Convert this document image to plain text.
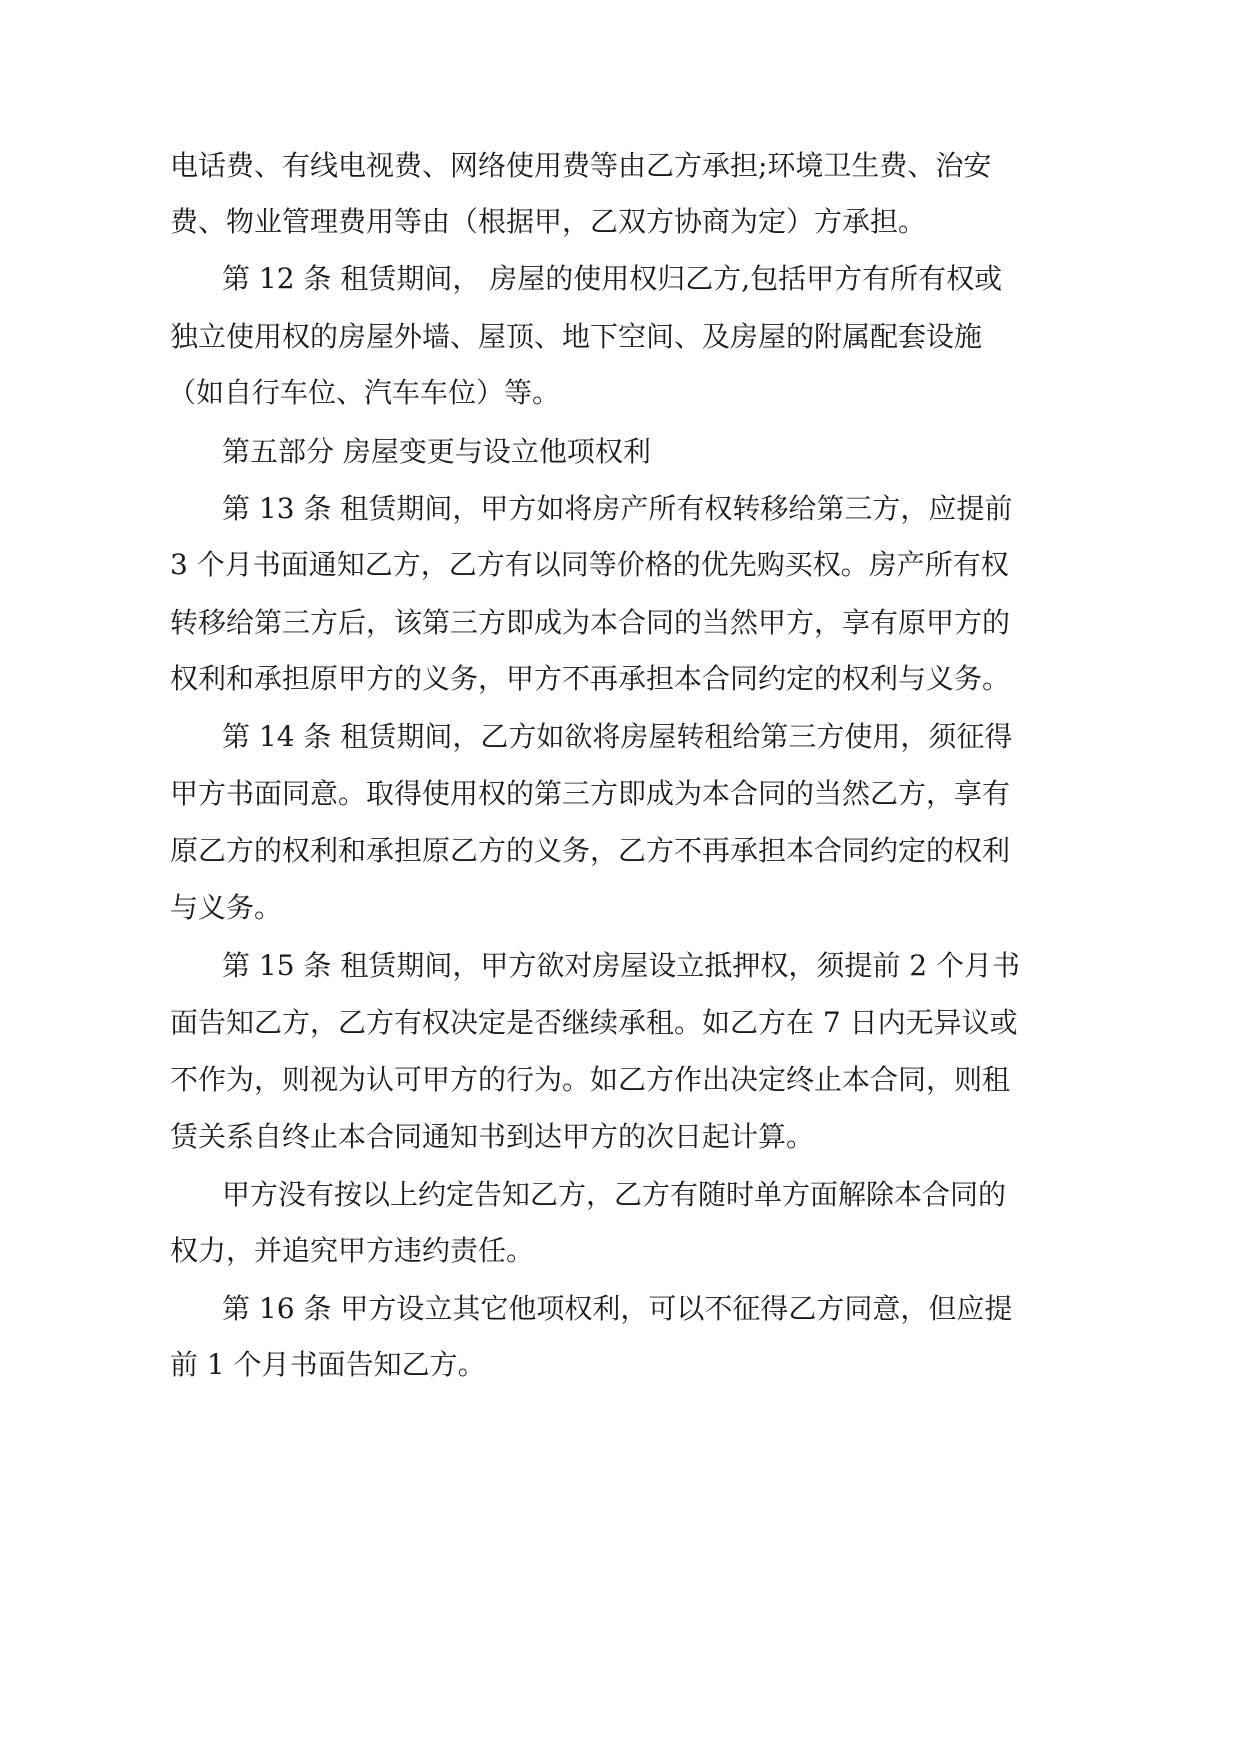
电话费、有线电视费、网络使用费等由乙方承担;环境卫生费、治安
费、物业管理费用等由（根据甲，乙双方协商为定）方承担。
第 12 条 租赁期间， 房屋的使用权归乙方,包括甲方有所有权或
独立使用权的房屋外墙、屋顶、地下空间、及房屋的附属配套设施
（如自行车位、汽车车位）等。
第五部分 房屋变更与设立他项权利
第 13 条 租赁期间，甲方如将房产所有权转移给第三方，应提前
3 个月书面通知乙方，乙方有以同等价格的优先购买权。房产所有权
转移给第三方后，该第三方即成为本合同的当然甲方，享有原甲方的
权利和承担原甲方的义务，甲方不再承担本合同约定的权利与义务。
第 14 条 租赁期间，乙方如欲将房屋转租给第三方使用，须征得
甲方书面同意。取得使用权的第三方即成为本合同的当然乙方，享有
原乙方的权利和承担原乙方的义务，乙方不再承担本合同约定的权利
与义务。
第 15 条 租赁期间，甲方欲对房屋设立抵押权，须提前 2 个月书
面告知乙方，乙方有权决定是否继续承租。如乙方在 7 日内无异议或
不作为，则视为认可甲方的行为。如乙方作出决定终止本合同，则租
赁关系自终止本合同通知书到达甲方的次日起计算。
甲方没有按以上约定告知乙方，乙方有随时单方面解除本合同的
权力，并追究甲方违约责任。
第 16 条 甲方设立其它他项权利，可以不征得乙方同意，但应提
前 1 个月书面告知乙方。
